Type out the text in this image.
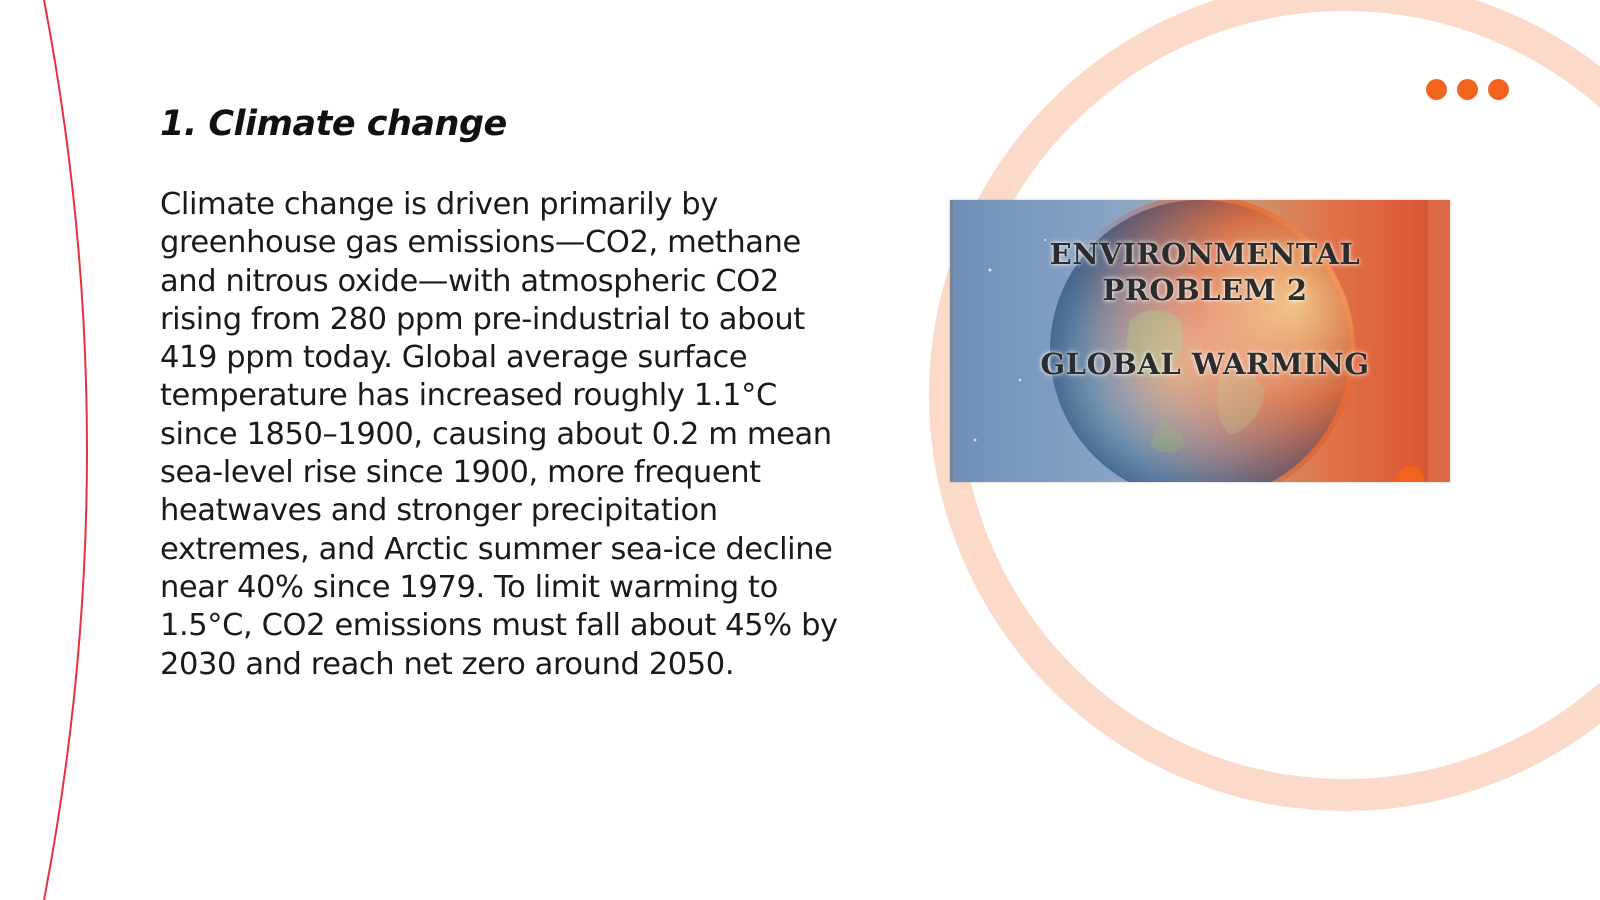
1. Climate change

Climate change is driven primarily by greenhouse gas emissions—CO2, methane and nitrous oxide—with atmospheric CO2 rising from 280 ppm pre-industrial to about 419 ppm today. Global average surface temperature has increased roughly 1.1°C since 1850–1900, causing about 0.2 m mean sea-level rise since 1900, more frequent heatwaves and stronger precipitation extremes, and Arctic summer sea-ice decline near 40% since 1979. To limit warming to 1.5°C, CO2 emissions must fall about 45% by 2030 and reach net zero around 2050.

ENVIRONMENTAL PROBLEM 2
GLOBAL WARMING
